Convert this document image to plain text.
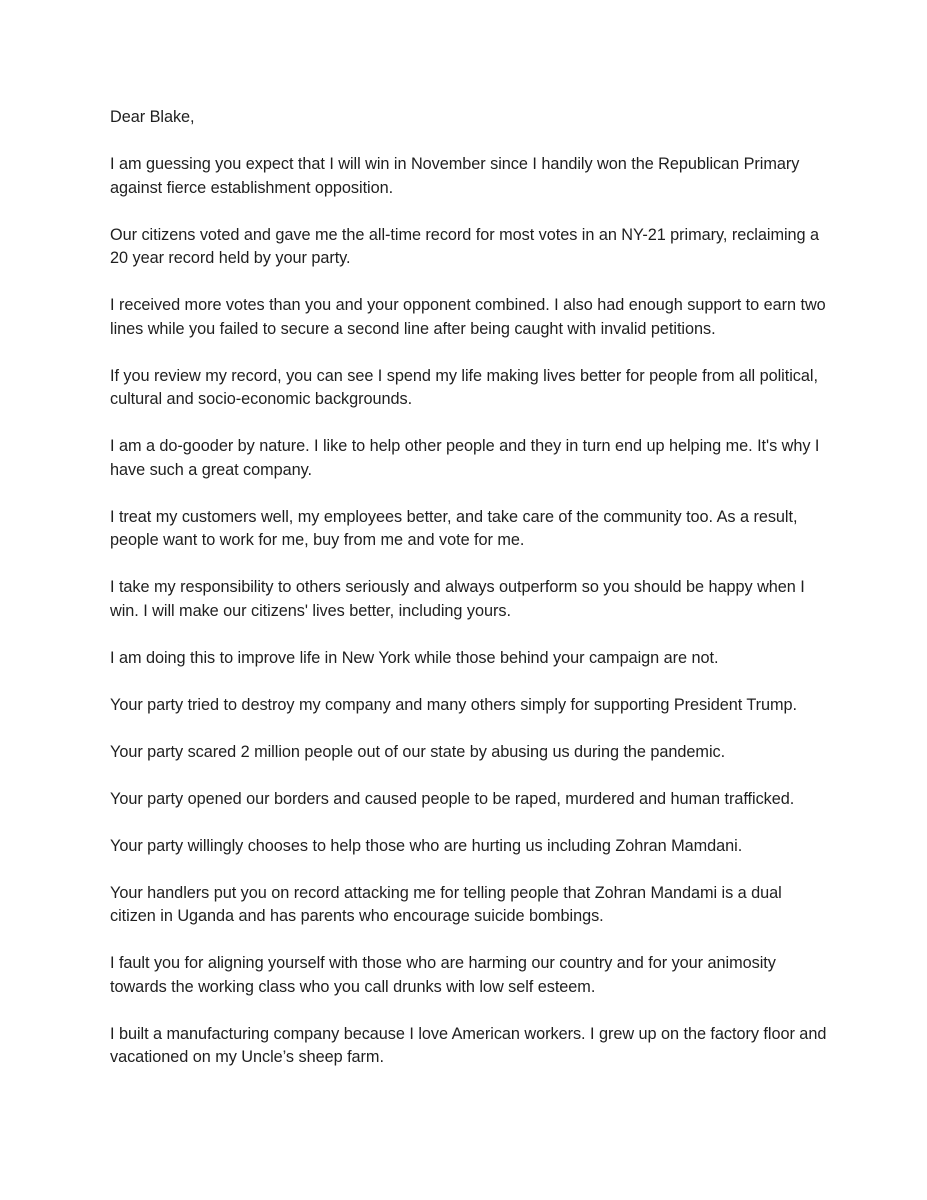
Dear Blake,

I am guessing you expect that I will win in November since I handily won the Republican Primary against fierce establishment opposition.

Our citizens voted and gave me the all-time record for most votes in an NY-21 primary, reclaiming a 20 year record held by your party.

I received more votes than you and your opponent combined. I also had enough support to earn two lines while you failed to secure a second line after being caught with invalid petitions.

If you review my record, you can see I spend my life making lives better for people from all political, cultural and socio-economic backgrounds.

I am a do-gooder by nature. I like to help other people and they in turn end up helping me. It's why I have such a great company.

I treat my customers well, my employees better, and take care of the community too. As a result, people want to work for me, buy from me and vote for me.

I take my responsibility to others seriously and always outperform so you should be happy when I win. I will make our citizens' lives better, including yours.

I am doing this to improve life in New York while those behind your campaign are not.

Your party tried to destroy my company and many others simply for supporting President Trump.

Your party scared 2 million people out of our state by abusing us during the pandemic.

Your party opened our borders and caused people to be raped, murdered and human trafficked.

Your party willingly chooses to help those who are hurting us including Zohran Mamdani.

Your handlers put you on record attacking me for telling people that Zohran Mandami is a dual citizen in Uganda and has parents who encourage suicide bombings.

I fault you for aligning yourself with those who are harming our country and for your animosity towards the working class who you call drunks with low self esteem.

I built a manufacturing company because I love American workers. I grew up on the factory floor and vacationed on my Uncle’s sheep farm.
